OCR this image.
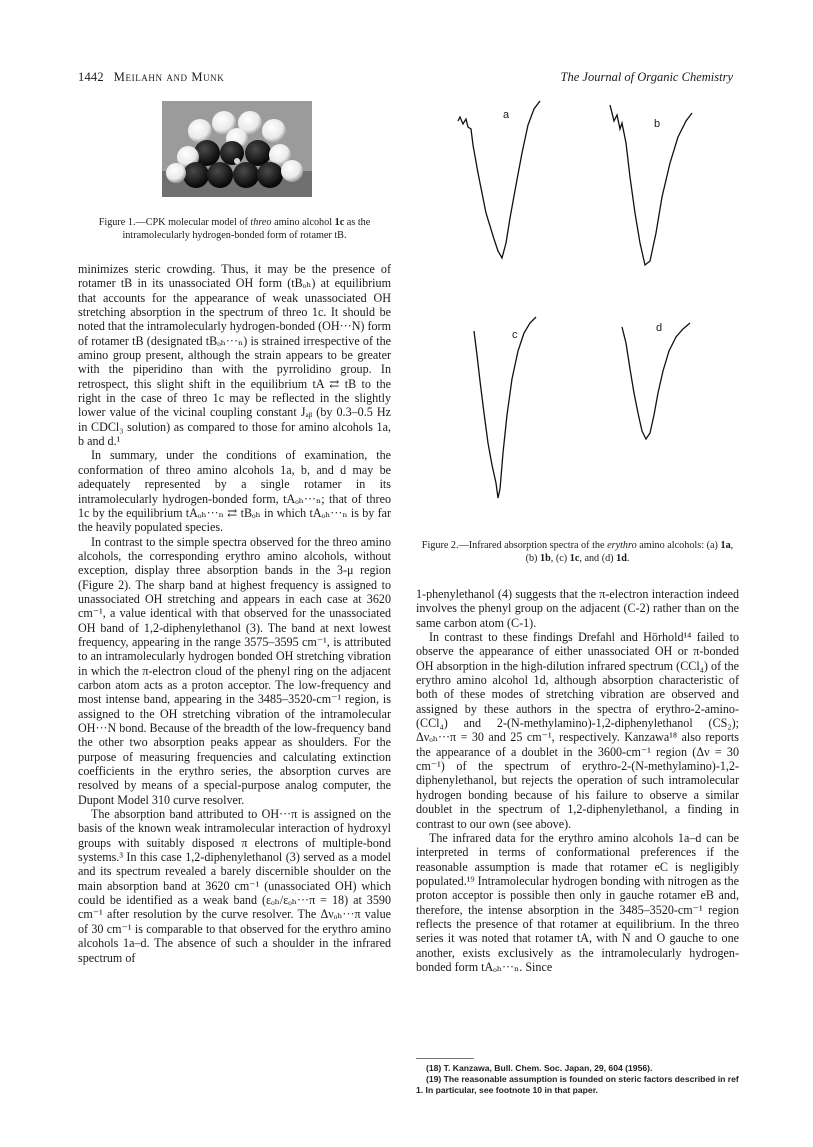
1442 Meilahn and Munk	The Journal of Organic Chemistry
Figure 1.—CPK molecular model of threo amino alcohol 1c as the intramolecularly hydrogen-bonded form of rotamer tB.
a
b
c
d
Figure 2.—Infrared absorption spectra of the erythro amino alcohols: (a) 1a, (b) 1b, (c) 1c, and (d) 1d.

minimizes steric crowding. Thus, it may be the presence of rotamer tB in its unassociated OH form (tBₒₕ) at equilibrium that accounts for the appearance of weak unassociated OH stretching absorption in the spectrum of threo 1c. It should be noted that the intramolecularly hydrogen-bonded (OH···N) form of rotamer tB (designated tBₒₕ···ₙ) is strained irrespective of the amino group present, although the strain appears to be greater with the piperidino than with the pyrrolidino group. In retrospect, this slight shift in the equilibrium tA ⇄ tB to the right in the case of threo 1c may be reflected in the slightly lower value of the vicinal coupling constant Jₐᵦ (by 0.3–0.5 Hz in CDCl₃ solution) as compared to those for amino alcohols 1a, b and d.¹

In summary, under the conditions of examination, the conformation of threo amino alcohols 1a, b, and d may be adequately represented by a single rotamer in its intramolecularly hydrogen-bonded form, tAₒₕ···ₙ; that of threo 1c by the equilibrium tAₒₕ···ₙ ⇄ tBₒₕ in which tAₒₕ···ₙ is by far the heavily populated species.

In contrast to the simple spectra observed for the threo amino alcohols, the corresponding erythro amino alcohols, without exception, display three absorption bands in the 3-μ region (Figure 2). The sharp band at highest frequency is assigned to unassociated OH stretching and appears in each case at 3620 cm⁻¹, a value identical with that observed for the unassociated OH band of 1,2-diphenylethanol (3). The band at next lowest frequency, appearing in the range 3575–3595 cm⁻¹, is attributed to an intramolecularly hydrogen bonded OH stretching vibration in which the π-electron cloud of the phenyl ring on the adjacent carbon atom acts as a proton acceptor. The low-frequency and most intense band, appearing in the 3485–3520-cm⁻¹ region, is assigned to the OH stretching vibration of the intramolecular OH···N bond. Because of the breadth of the low-frequency band the other two absorption peaks appear as shoulders. For the purpose of measuring frequencies and calculating extinction coefficients in the erythro series, the absorption curves are resolved by means of a special-purpose analog computer, the Dupont Model 310 curve resolver.

The absorption band attributed to OH···π is assigned on the basis of the known weak intramolecular interaction of hydroxyl groups with suitably disposed π electrons of multiple-bond systems.³ In this case 1,2-diphenylethanol (3) served as a model and its spectrum revealed a barely discernible shoulder on the main absorption band at 3620 cm⁻¹ (unassociated OH) which could be identified as a weak band (εₒₕ/εₒₕ···π = 18) at 3590 cm⁻¹ after resolution by the curve resolver. The Δνₒₕ···π value of 30 cm⁻¹ is comparable to that observed for the erythro amino alcohols 1a–d. The absence of such a shoulder in the infrared spectrum of

1-phenylethanol (4) suggests that the π-electron interaction indeed involves the phenyl group on the adjacent (C-2) rather than on the same carbon atom (C-1).

In contrast to these findings Drefahl and Hörhold¹⁴ failed to observe the appearance of either unassociated OH or π-bonded OH absorption in the high-dilution infrared spectrum (CCl₄) of the erythro amino alcohol 1d, although absorption characteristic of both of these modes of stretching vibration are observed and assigned by these authors in the spectra of erythro-2-amino- (CCl₄) and 2-(N-methylamino)-1,2-diphenylethanol (CS₂); Δνₒₕ···π = 30 and 25 cm⁻¹, respectively. Kanzawa¹⁸ also reports the appearance of a doublet in the 3600-cm⁻¹ region (Δν = 30 cm⁻¹) of the spectrum of erythro-2-(N-methylamino)-1,2-diphenylethanol, but rejects the operation of such intramolecular hydrogen bonding because of his failure to observe a similar doublet in the spectrum of 1,2-diphenylethanol, a finding in contrast to our own (see above).

The infrared data for the erythro amino alcohols 1a–d can be interpreted in terms of conformational preferences if the reasonable assumption is made that rotamer eC is negligibly populated.¹⁹ Intramolecular hydrogen bonding with nitrogen as the proton acceptor is possible then only in gauche rotamer eB and, therefore, the intense absorption in the 3485–3520-cm⁻¹ region reflects the presence of that rotamer at equilibrium. In the threo series it was noted that rotamer tA, with N and O gauche to one another, exists exclusively as the intramolecularly hydrogen-bonded form tAₒₕ···ₙ. Since

(18) T. Kanzawa, Bull. Chem. Soc. Japan, 29, 604 (1956).

(19) The reasonable assumption is founded on steric factors described in ref 1. In particular, see footnote 10 in that paper.
